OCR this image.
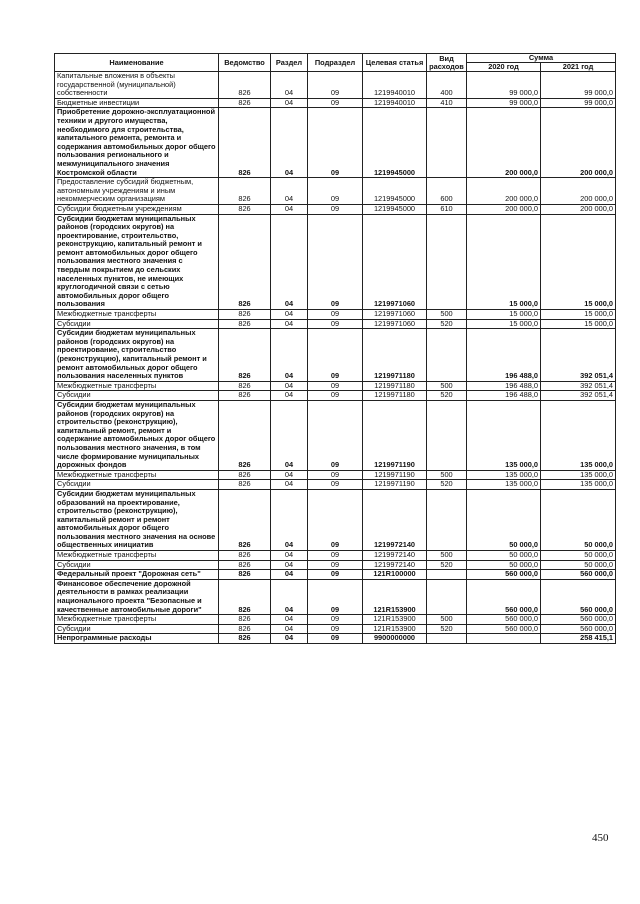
Наименование	Ведомство	Раздел	Подраздел	Целевая статья	Вид расходов	Сумма	
						2020 год	2021 год
Капитальные вложения в объекты государственной (муниципальной) собственности	826	04	09	1219940010	400	99 000,0	99 000,0
Бюджетные инвестиции	826	04	09	1219940010	410	99 000,0	99 000,0
Приобретение дорожно-эксплуатационной техники и другого имущества, необходимого для строительства, капитального ремонта, ремонта и содержания автомобильных дорог общего пользования регионального и межмуниципального значения Костромской области	826	04	09	1219945000		200 000,0	200 000,0
Предоставление субсидий бюджетным, автономным учреждениям и иным некоммерческим организациям	826	04	09	1219945000	600	200 000,0	200 000,0
Субсидии бюджетным учреждениям	826	04	09	1219945000	610	200 000,0	200 000,0
Субсидии бюджетам муниципальных районов (городских округов) на проектирование, строительство, реконструкцию, капитальный ремонт и ремонт автомобильных дорог общего пользования местного значения с твердым покрытием до сельских населенных пунктов, не имеющих круглогодичной связи с сетью автомобильных дорог общего пользования	826	04	09	1219971060		15 000,0	15 000,0
Межбюджетные трансферты	826	04	09	1219971060	500	15 000,0	15 000,0
Субсидии	826	04	09	1219971060	520	15 000,0	15 000,0
Субсидии бюджетам муниципальных районов (городских округов) на проектирование, строительство (реконструкцию), капитальный ремонт и ремонт автомобильных дорог общего пользования населенных пунктов	826	04	09	1219971180		196 488,0	392 051,4
Межбюджетные трансферты	826	04	09	1219971180	500	196 488,0	392 051,4
Субсидии	826	04	09	1219971180	520	196 488,0	392 051,4
Субсидии бюджетам муниципальных районов (городских округов) на строительство (реконструкцию), капитальный ремонт, ремонт и содержание автомобильных дорог общего пользования местного значения, в том числе формирование муниципальных дорожных фондов	826	04	09	1219971190		135 000,0	135 000,0
Межбюджетные трансферты	826	04	09	1219971190	500	135 000,0	135 000,0
Субсидии	826	04	09	1219971190	520	135 000,0	135 000,0
Субсидии бюджетам муниципальных образований на проектирование, строительство (реконструкцию), капитальный ремонт и ремонт автомобильных дорог общего пользования местного значения на основе общественных инициатив	826	04	09	1219972140		50 000,0	50 000,0
Межбюджетные трансферты	826	04	09	1219972140	500	50 000,0	50 000,0
Субсидии	826	04	09	1219972140	520	50 000,0	50 000,0
Федеральный проект "Дорожная сеть"	826	04	09	121R100000		560 000,0	560 000,0
Финансовое обеспечение дорожной деятельности в рамках реализации национального проекта "Безопасные и качественные автомобильные дороги"	826	04	09	121R153900		560 000,0	560 000,0
Межбюджетные трансферты	826	04	09	121R153900	500	560 000,0	560 000,0
Субсидии	826	04	09	121R153900	520	560 000,0	560 000,0
Непрограммные расходы	826	04	09	9900000000			258 415,1
450
